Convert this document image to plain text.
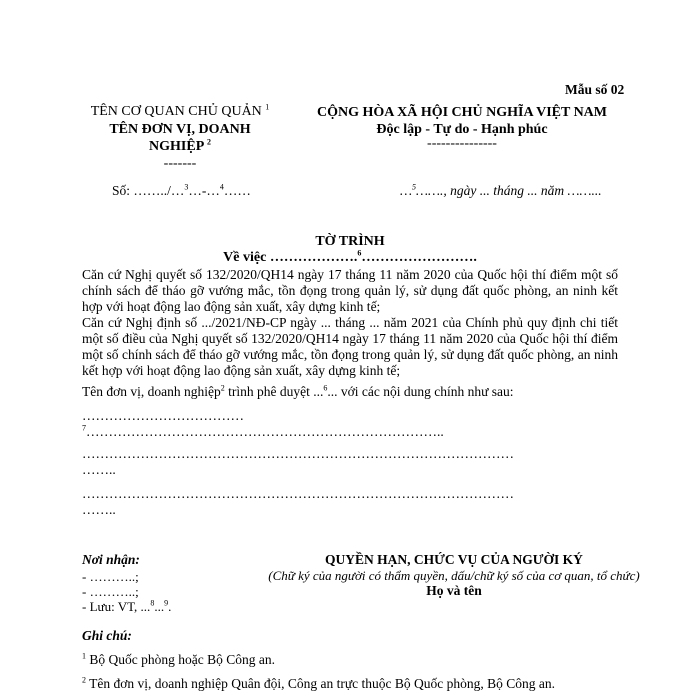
Mẫu số 02
TÊN CƠ QUAN CHỦ QUẢN $^1$
TÊN ĐƠN VỊ, DOANH
NGHIỆP $^2$
-------
CỘNG HÒA XÃ HỘI CHỦ NGHĨA VIỆT NAM
Độc lập - Tự do - Hạnh phúc
---------------
Số: ……../…$^3$…-…$^4$……	…$^5$……., ngày ... tháng ... năm ……...
TỜ TRÌNH
Về việc ……………….$^6$…………………….
Căn cứ Nghị quyết số 132/2020/QH14 ngày 17 tháng 11 năm 2020 của Quốc hội thí điểm một số chính sách để tháo gỡ vướng mắc, tồn đọng trong quản lý, sử dụng đất quốc phòng, an ninh kết hợp với hoạt động lao động sản xuất, xây dựng kinh tế;
Căn cứ Nghị định số .../2021/NĐ-CP ngày ... tháng ... năm 2021 của Chính phủ quy định chi tiết một số điều của Nghị quyết số 132/2020/QH14 ngày 17 tháng 11 năm 2020 của Quốc hội thí điểm một số chính sách để tháo gỡ vướng mắc, tồn đọng trong quản lý, sử dụng đất quốc phòng, an ninh kết hợp với hoạt động lao động sản xuất, xây dựng kinh tế;
Tên đơn vị, doanh nghiệp$^2$ trình phê duyệt ...$^6$... với các nội dung chính như sau:
………………………………
$^7$……………………………………………………………………..
……………………………………………………………………………………
……..
……………………………………………………………………………………
……..
Nơi nhận:
- ………..;
- ………..;
- Lưu: VT, ...$^8$...$^9$.
QUYỀN HẠN, CHỨC VỤ CỦA NGƯỜI KÝ
(Chữ ký của người có thẩm quyền, dấu/chữ ký số của cơ quan, tổ chức)
Họ và tên
Ghi chú:
$^1$ Bộ Quốc phòng hoặc Bộ Công an.
$^2$ Tên đơn vị, doanh nghiệp Quân đội, Công an trực thuộc Bộ Quốc phòng, Bộ Công an.
